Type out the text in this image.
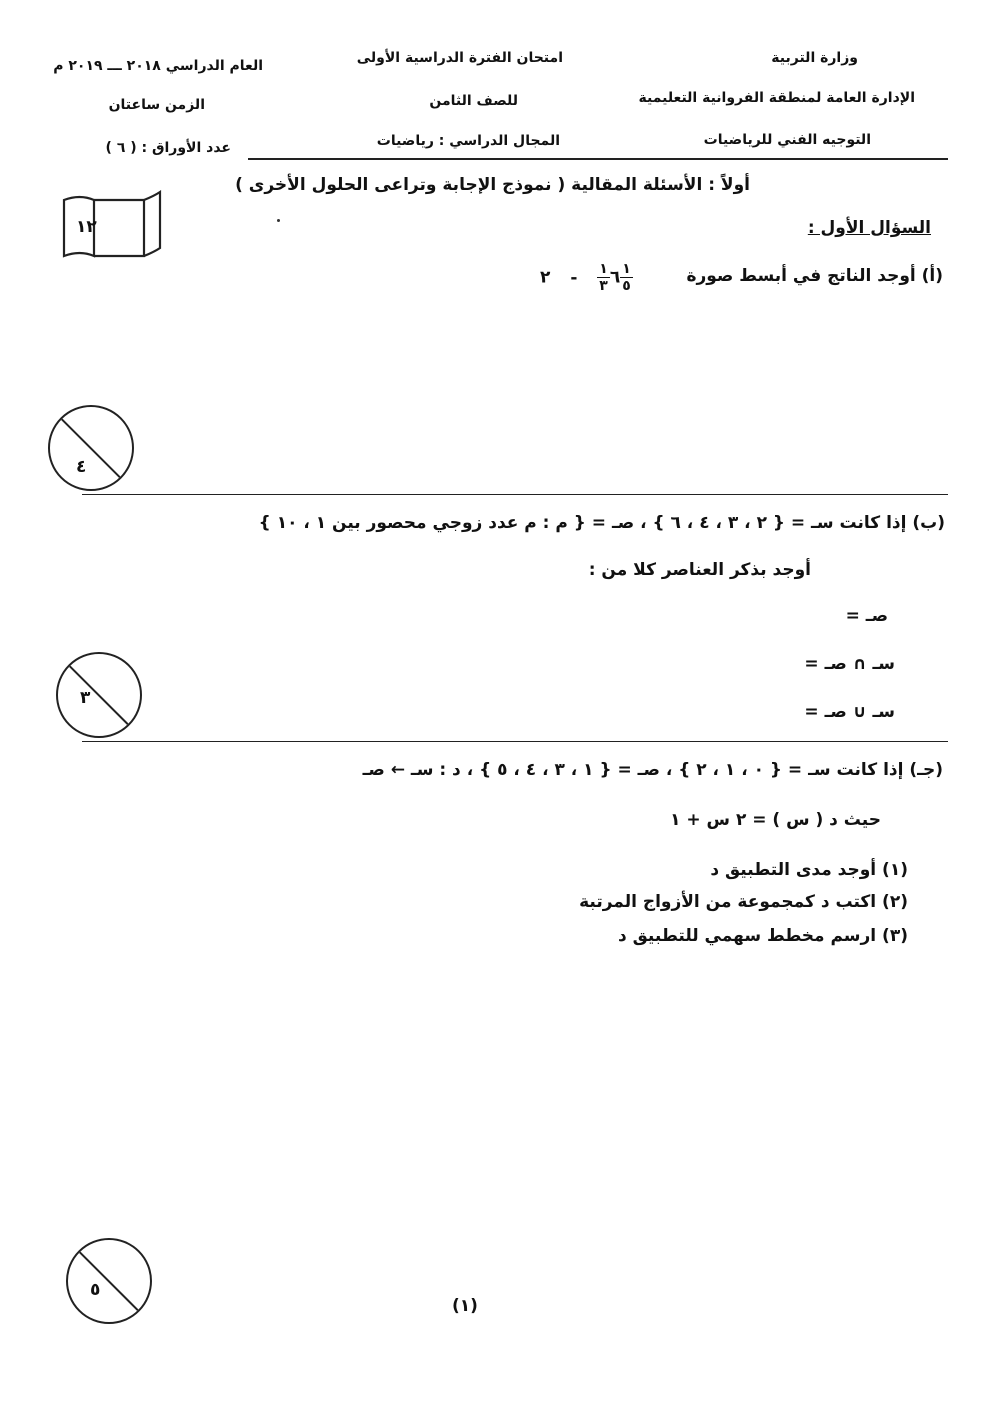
وزارة التربية
الإدارة العامة لمنطقة الفروانية التعليمية
التوجيه الفني للرياضيات
امتحان الفترة الدراسية الأولى
للصف الثامن
المجال الدراسي : رياضيات
العام الدراسي ٢٠١٨ ـــ ٢٠١٩ م
الزمن ساعتان
عدد الأوراق : ( ٦ )
أولاً : الأسئلة المقالية ( نموذج الإجابة وتراعى الحلول الأخرى )
١٢	السؤال الأول :
(أ) أوجد الناتج في أبسط صورة
٦
$\frac{١}{٣}$
- ٢	$\frac{١}{٥}$
٤
(ب) إذا كانت سـ = { ٢ ، ٣ ، ٤ ، ٦ } ، صـ = { م : م عدد زوجي محصور بين ١ ، ١٠ }
أوجد بذكر العناصر كلا من :
صـ =
سـ ∩ صـ =
سـ ∪ صـ =
٣
(جـ) إذا كانت سـ = { ٠ ، ١ ، ٢ } ، صـ = { ١ ، ٣ ، ٤ ، ٥ } ، د : سـ ← صـ
حيث د ( س ) = ٢ س + ١
(١) أوجد مدى التطبيق د
(٢) اكتب د كمجموعة من الأزواج المرتبة
(٣) ارسم مخطط سهمي للتطبيق د
٥
(١)
